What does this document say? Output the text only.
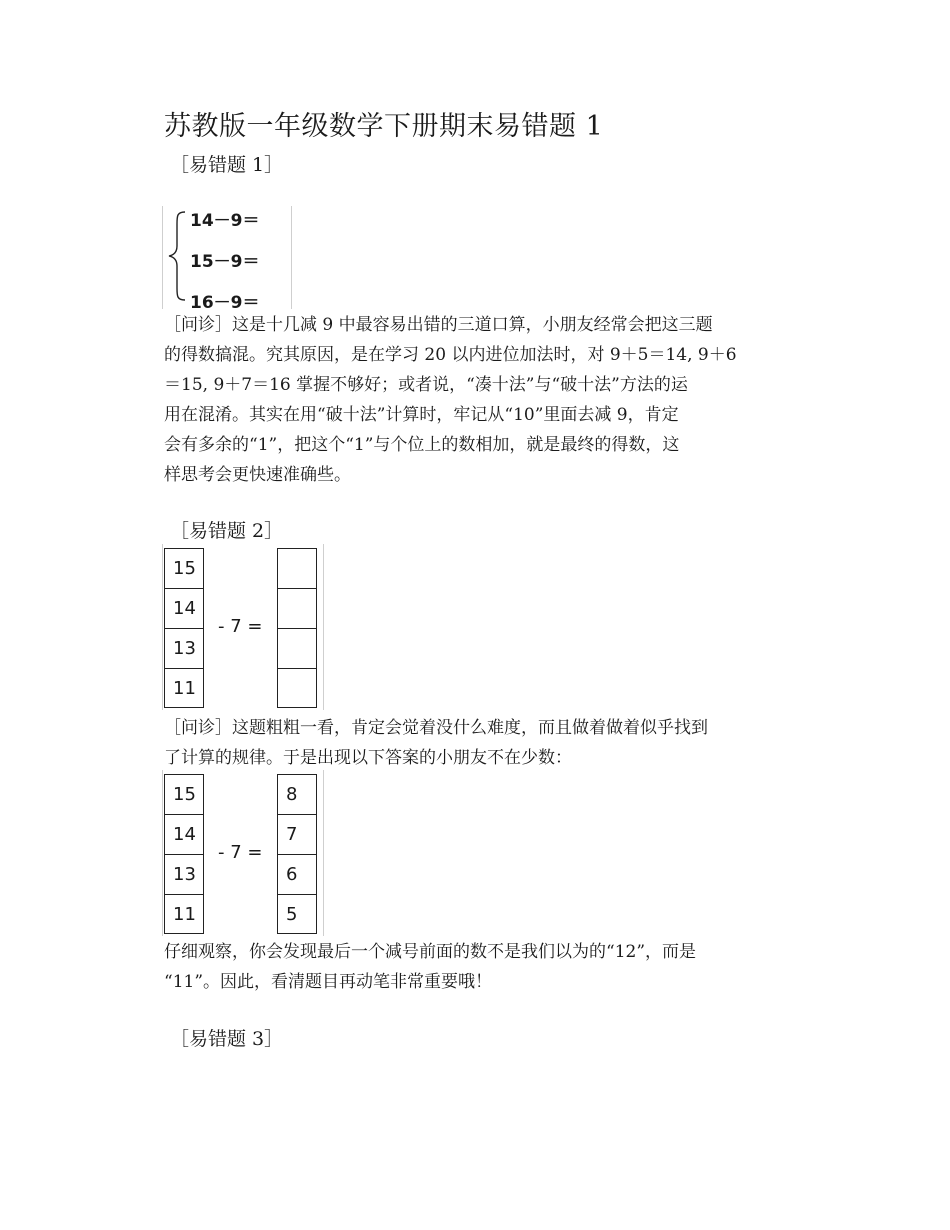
苏教版一年级数学下册期末易错题 1
［易错题 1］
14－9＝
15－9＝
16－9＝
［问诊］这是十几减 9 中最容易出错的三道口算，小朋友经常会把这三题
的得数搞混。究其原因，是在学习 20 以内进位加法时，对 9＋5＝14, 9＋6
＝15, 9＋7＝16 掌握不够好；或者说，“凑十法”与“破十法”方法的运
用在混淆。其实在用“破十法”计算时，牢记从“10”里面去减 9，肯定
会有多余的“1”，把这个“1”与个位上的数相加，就是最终的得数，这
样思考会更快速准确些。
［易错题 2］
15
14
13
11
- 7 =
［问诊］这题粗粗一看，肯定会觉着没什么难度，而且做着做着似乎找到
了计算的规律。于是出现以下答案的小朋友不在少数：
15
14
13
11
- 7 =
8
7
6
5
仔细观察，你会发现最后一个减号前面的数不是我们以为的“12”，而是
“11”。因此，看清题目再动笔非常重要哦！
［易错题 3］
